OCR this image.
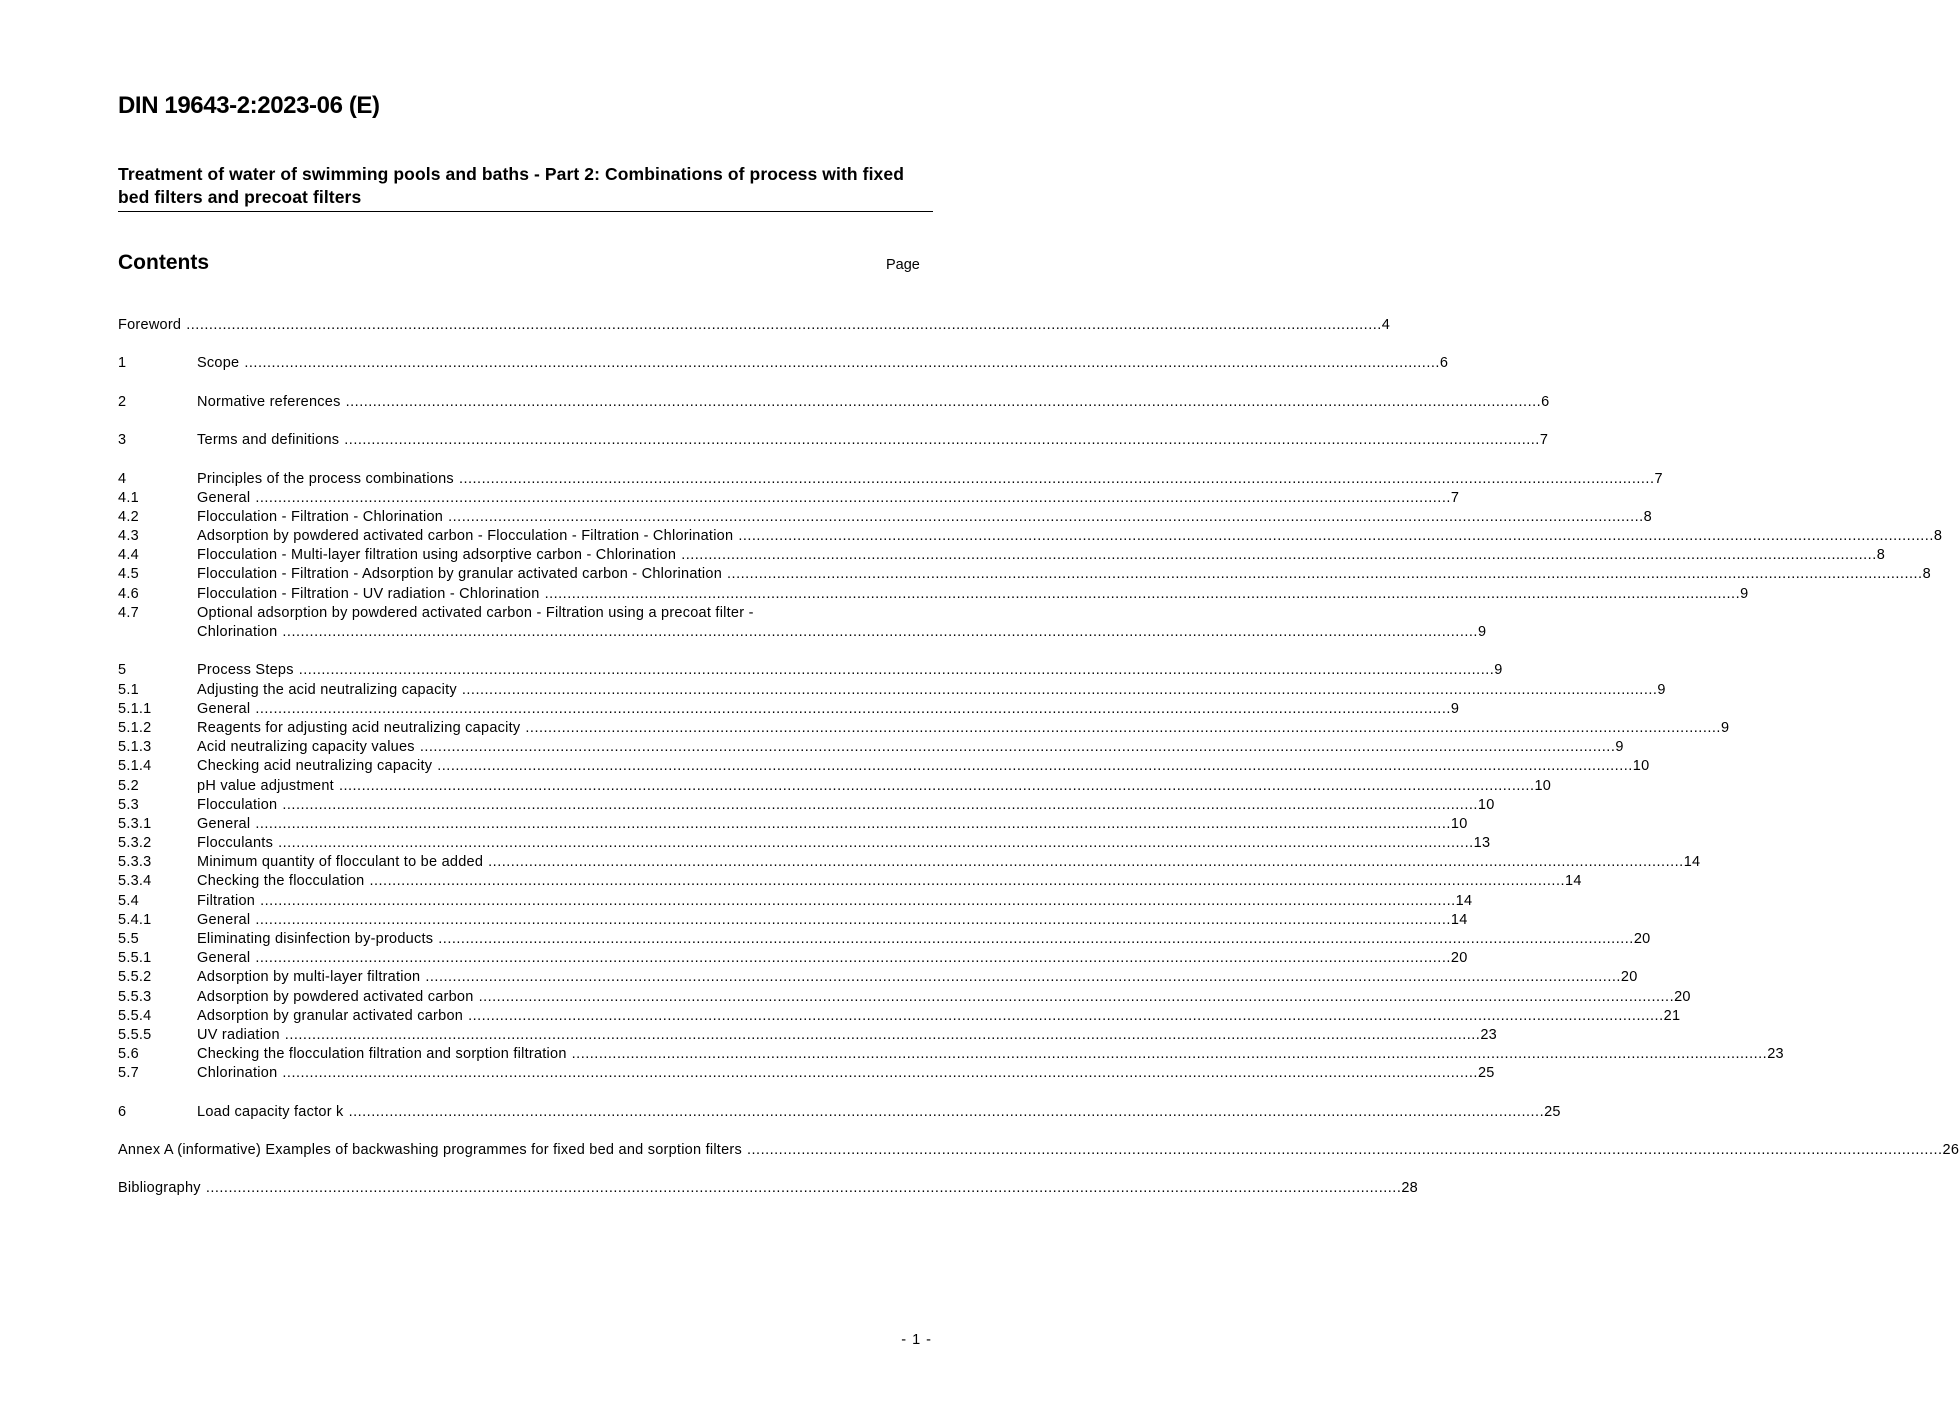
DIN 19643-2:2023-06 (E)
Treatment of water of swimming pools and baths - Part 2: Combinations of process with fixed bed filters and precoat filters
Contents	Page
Foreword .....	4
1	Scope .....	6
2	Normative references .....	6
3	Terms and definitions .....	7
4	Principles of the process combinations .....	7
4.1	General .....	7
4.2	Flocculation - Filtration - Chlorination .....	8
4.3	Adsorption by powdered activated carbon - Flocculation - Filtration - Chlorination .....	8
4.4	Flocculation - Multi-layer filtration using adsorptive carbon - Chlorination .....	8
4.5	Flocculation - Filtration - Adsorption by granular activated carbon - Chlorination .....	8
4.6	Flocculation - Filtration - UV radiation - Chlorination .....	9
4.7	Optional adsorption by powdered activated carbon - Filtration using a precoat filter -
Chlorination .....	9
5	Process Steps .....	9
5.1	Adjusting the acid neutralizing capacity .....	9
5.1.1	General .....	9
5.1.2	Reagents for adjusting acid neutralizing capacity .....	9
5.1.3	Acid neutralizing capacity values .....	9
5.1.4	Checking acid neutralizing capacity .....	10
5.2	pH value adjustment .....	10
5.3	Flocculation .....	10
5.3.1	General .....	10
5.3.2	Flocculants .....	13
5.3.3	Minimum quantity of flocculant to be added .....	14
5.3.4	Checking the flocculation .....	14
5.4	Filtration .....	14
5.4.1	General .....	14
5.5	Eliminating disinfection by-products .....	20
5.5.1	General .....	20
5.5.2	Adsorption by multi-layer filtration .....	20
5.5.3	Adsorption by powdered activated carbon .....	20
5.5.4	Adsorption by granular activated carbon .....	21
5.5.5	UV radiation .....	23
5.6	Checking the flocculation filtration and sorption filtration .....	23
5.7	Chlorination .....	25
6	Load capacity factor k .....	25
Annex A (informative) Examples of backwashing programmes for fixed bed and sorption filters .....	26
Bibliography .....	28
- 1 -
